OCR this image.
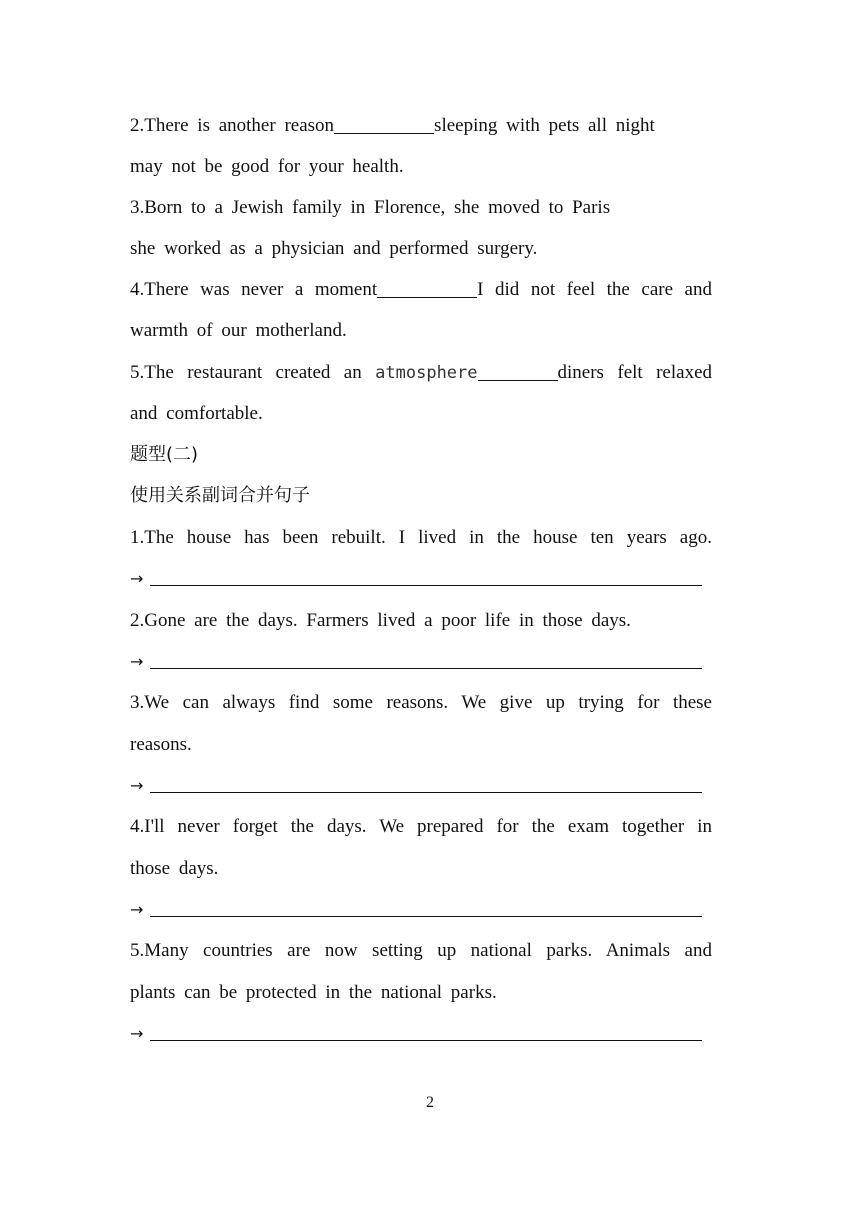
2.There is another reason	sleeping with pets all night
may not be good for your health.
3.Born to a Jewish family in Florence, she moved to Paris
she worked as a physician and performed surgery.
4.There was never a moment	I did not feel the care and
warmth of our motherland.
5.The restaurant created an atmosphere	diners felt relaxed
and comfortable.
题型(二)
使用关系副词合并句子
1.The house has been rebuilt. I lived in the house ten years ago.
→
2.Gone are the days. Farmers lived a poor life in those days.
→
3.We can always find some reasons. We give up trying for these
reasons.
→
4.I'll never forget the days. We prepared for the exam together in
those days.
→
5.Many countries are now setting up national parks. Animals and
plants can be protected in the national parks.
→
2
